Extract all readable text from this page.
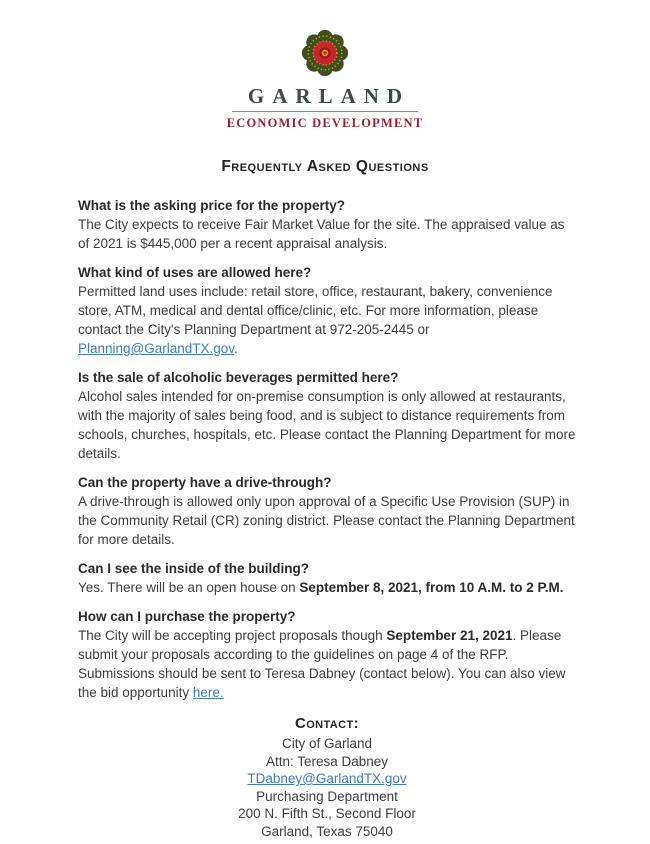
GARLAND
ECONOMIC DEVELOPMENT
Frequently Asked Questions

What is the asking price for the property?

The City expects to receive Fair Market Value for the site. The appraised value as of 2021 is $445,000 per a recent appraisal analysis.

What kind of uses are allowed here?

Permitted land uses include: retail store, office, restaurant, bakery, convenience store, ATM, medical and dental office/clinic, etc. For more information, please contact the City's Planning Department at 972-205-2445 or Planning@GarlandTX.gov.

Is the sale of alcoholic beverages permitted here?

Alcohol sales intended for on-premise consumption is only allowed at restaurants, with the majority of sales being food, and is subject to distance requirements from schools, churches, hospitals, etc. Please contact the Planning Department for more details.

Can the property have a drive-through?

A drive-through is allowed only upon approval of a Specific Use Provision (SUP) in the Community Retail (CR) zoning district. Please contact the Planning Department for more details.

Can I see the inside of the building?

Yes. There will be an open house on September 8, 2021, from 10 A.M. to 2 P.M.

How can I purchase the property?

The City will be accepting project proposals though September 21, 2021. Please submit your proposals according to the guidelines on page 4 of the RFP. Submissions should be sent to Teresa Dabney (contact below). You can also view the bid opportunity here.

Contact:
City of Garland
Attn: Teresa Dabney
TDabney@GarlandTX.gov
Purchasing Department
200 N. Fifth St., Second Floor
Garland, Texas 75040
